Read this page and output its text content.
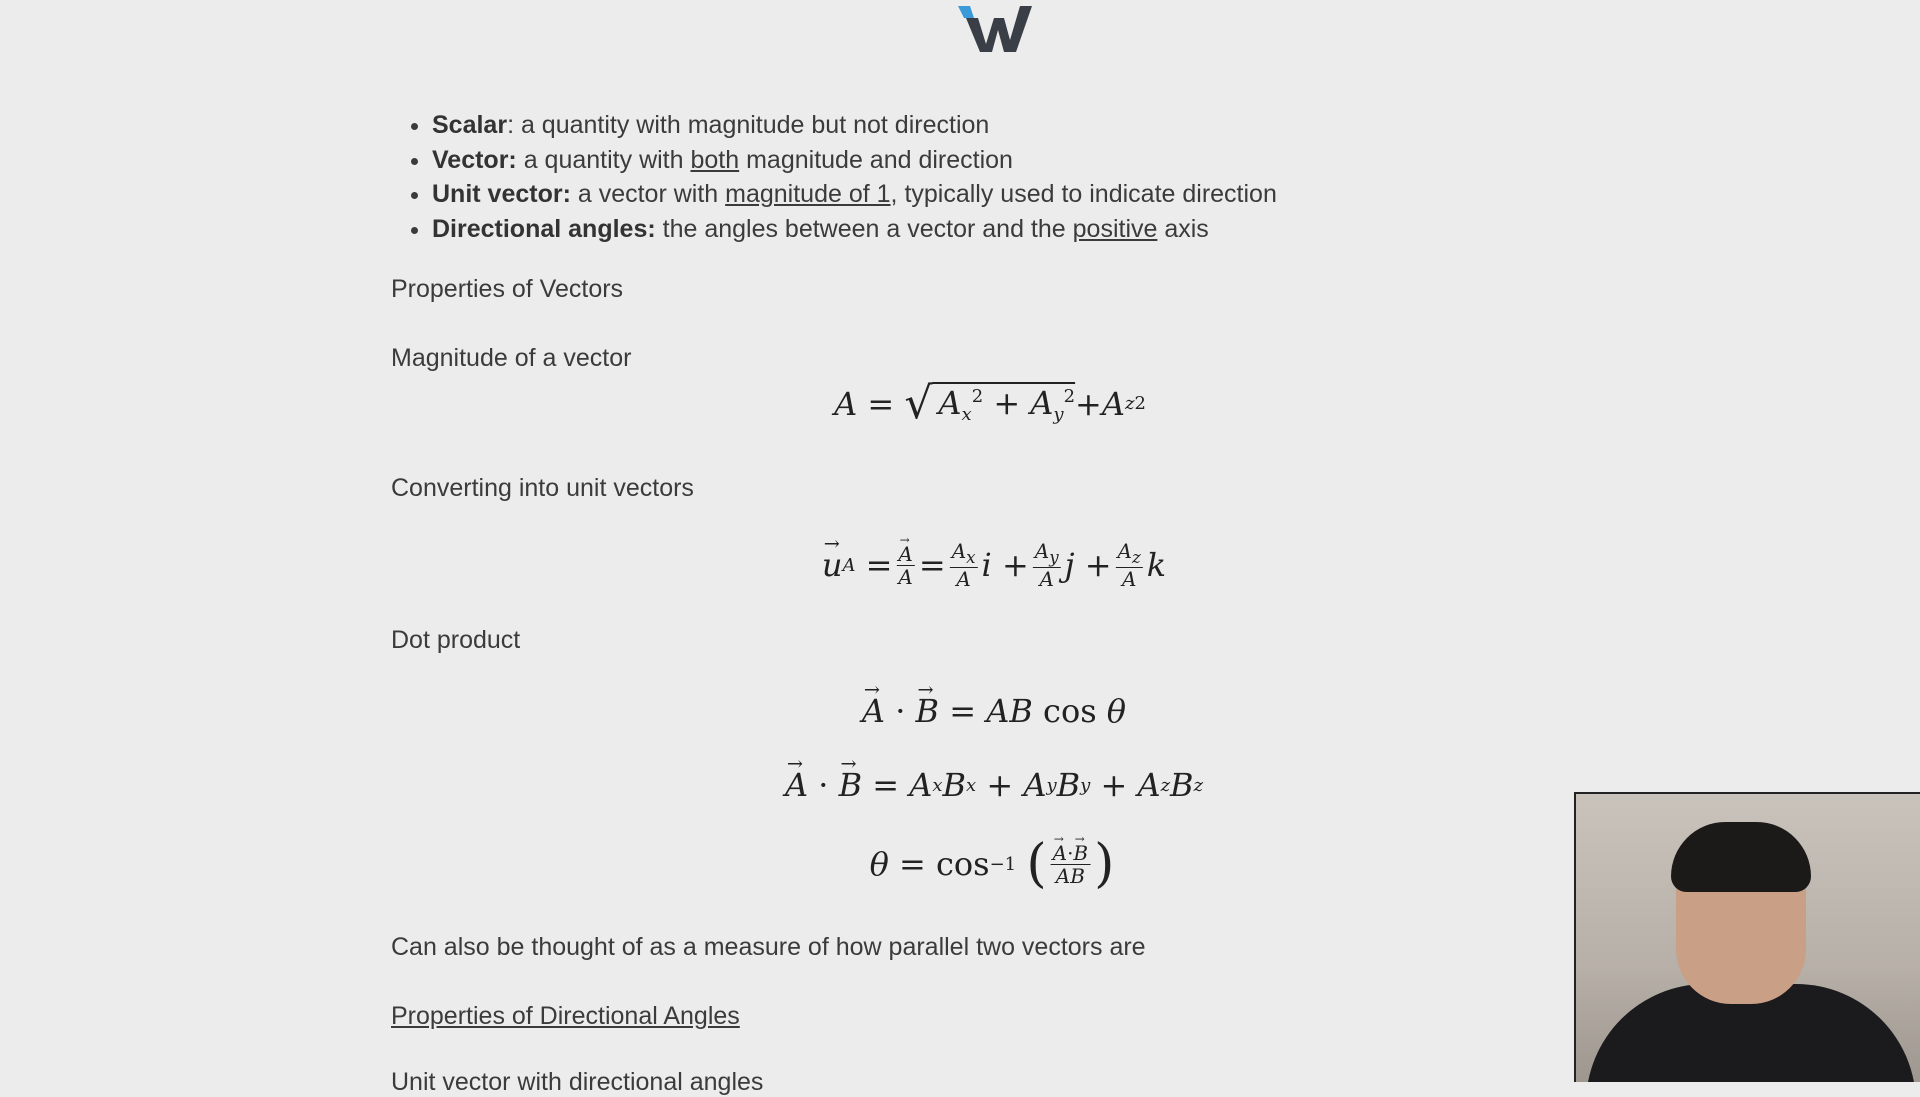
• Scalar: a quantity with magnitude but not direction
• Vector: a quantity with both magnitude and direction
• Unit vector: a vector with magnitude of 1, typically used to indicate direction
• Directional angles: the angles between a vector and the positive axis
Properties of Vectors
Magnitude of a vector
A = √ $A_x^2 + A_y^2 + A$ z 2
Converting into unit vectors
→ u A = → $\frac{A}{A} = \frac{A_x}{A}$ $i + \frac{A_y}{A}$ $j + \frac{A_z}{A}$ k
Dot product
→ A · → B = AB cos θ
→ A · → B = A x B x + A y B y + A z B z
θ = cos −1
( → $\frac{A\cdot\to B}{AB}$ )
Can also be thought of as a measure of how parallel two vectors are
Properties of Directional Angles
Unit vector with directional angles
